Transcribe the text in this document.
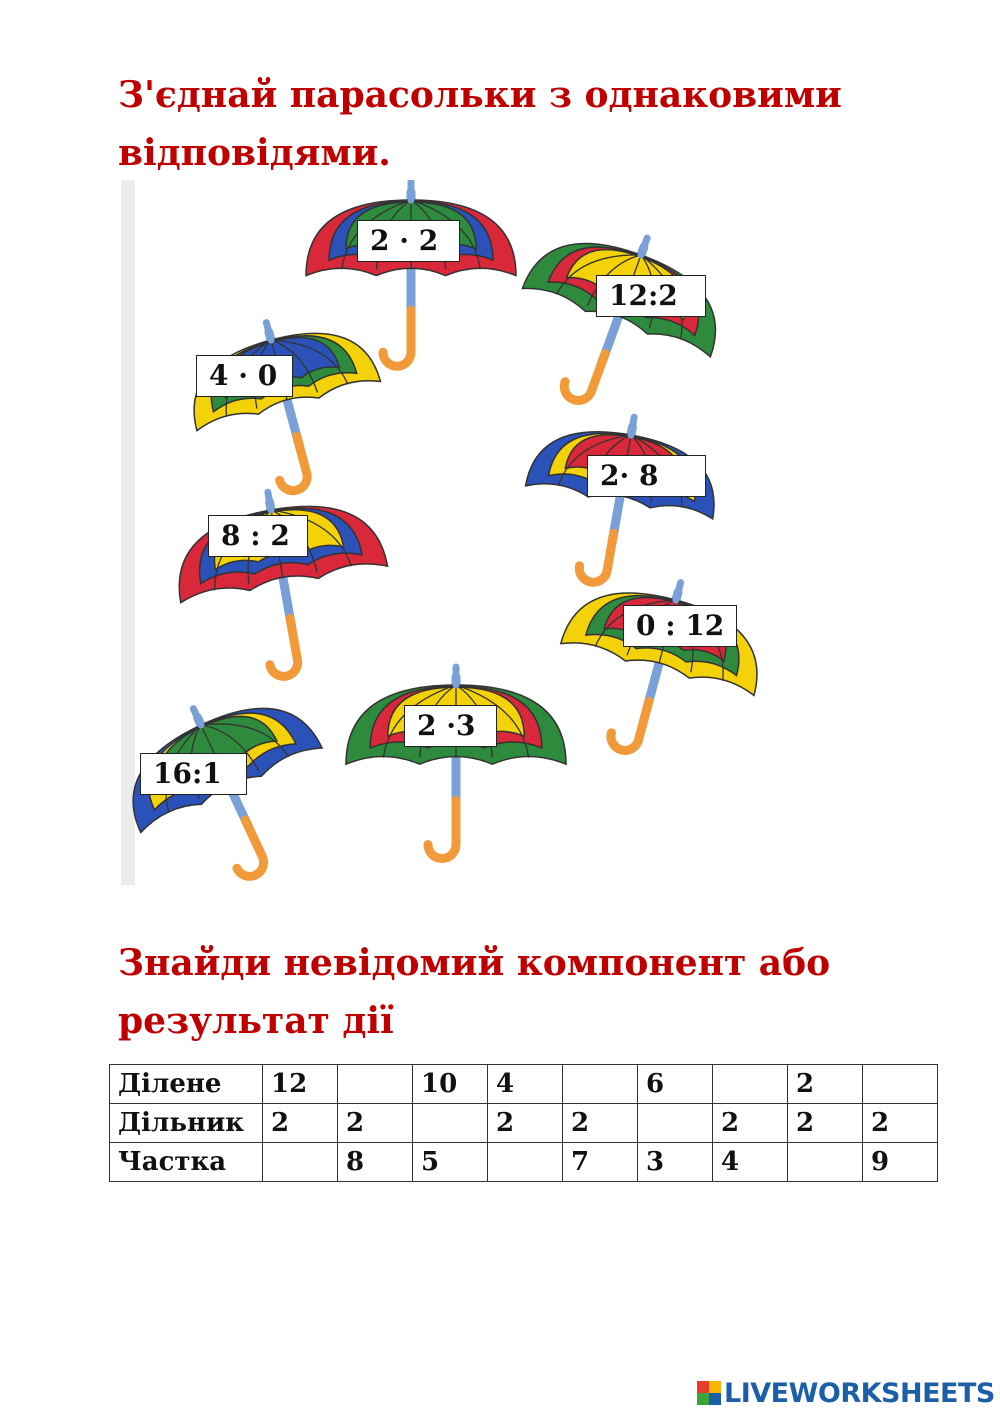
З'єднай парасольки з однаковими відповідями.
2 · 2
12:2
4 · 0
2· 8
8 : 2
0 : 12
2 ·3
16:1
Знайди невідомий компонент або результат дії
Ділене	12		10	4		6		2	
Дільник	2	2		2	2		2	2	2
Частка		8	5		7	3	4		9
LIVEWORKSHEETS
